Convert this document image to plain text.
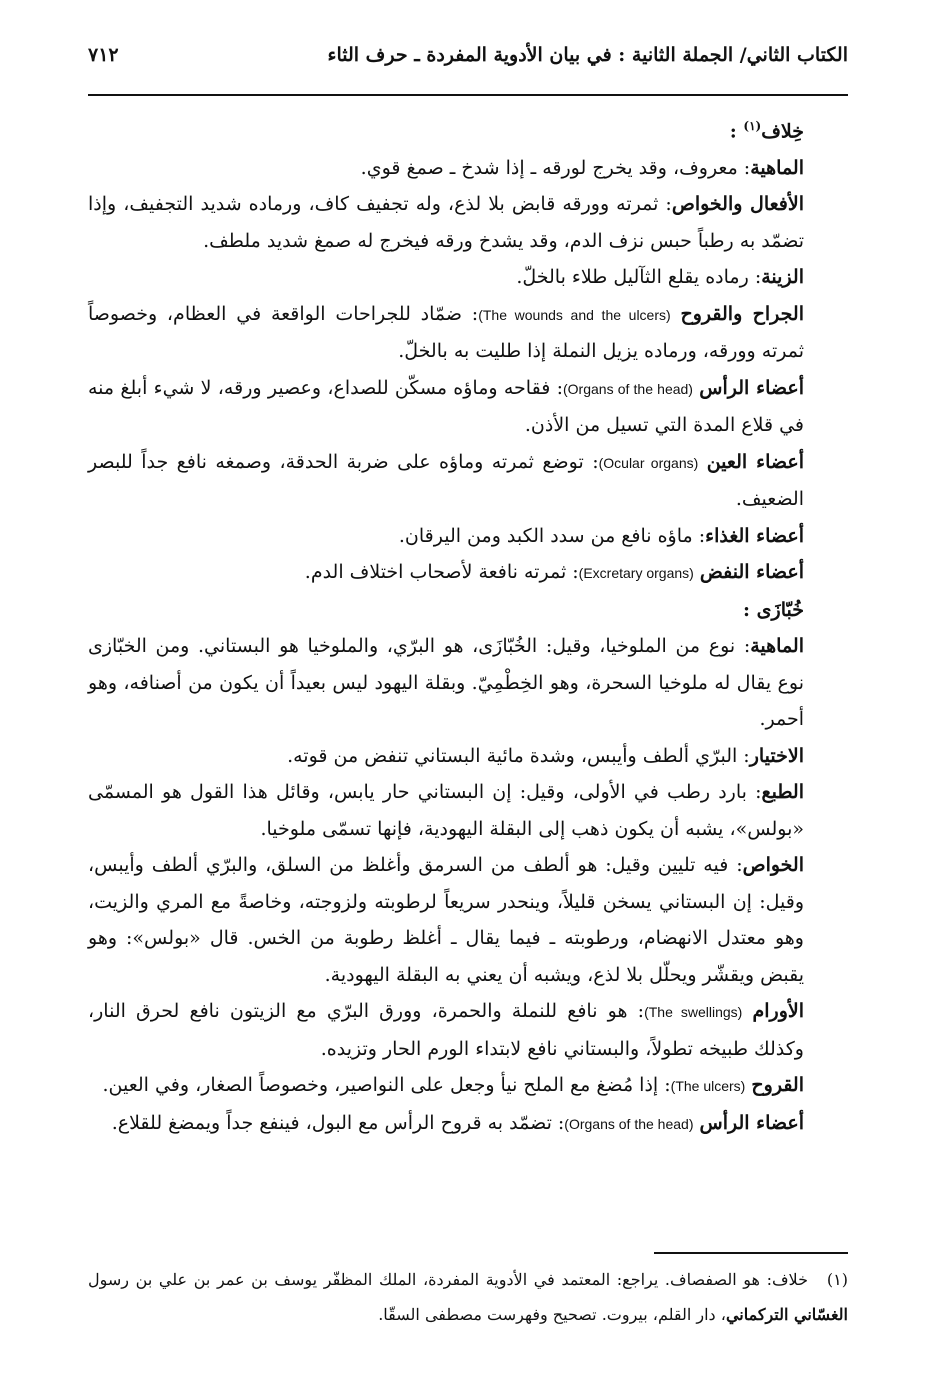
الكتاب الثاني/ الجملة الثانية : في بيان الأدوية المفردة ـ حرف الثاء
٧١٢

خِلاف$^{(١)}$ :

الماهية: معروف، وقد يخرج لورقه ـ إذا شدخ ـ صمغ قوي.

الأفعال والخواص: ثمرته وورقه قابض بلا لذع، وله تجفيف كاف، ورماده شديد التجفيف، وإذا تضمّد به رطباً حبس نزف الدم، وقد يشدخ ورقه فيخرج له صمغ شديد ملطف.

الزينة: رماده يقلع الثآليل طلاء بالخلّ.

الجراح والقروح (The wounds and the ulcers): ضمّاد للجراحات الواقعة في العظام، وخصوصاً ثمرته وورقه، ورماده يزيل النملة إذا طليت به بالخلّ.

أعضاء الرأس (Organs of the head): فقاحه وماؤه مسكّن للصداع، وعصير ورقه، لا شيء أبلغ منه في قلاع المدة التي تسيل من الأذن.

أعضاء العين (Ocular organs): توضع ثمرته وماؤه على ضربة الحدقة، وصمغه نافع جداً للبصر الضعيف.

أعضاء الغذاء: ماؤه نافع من سدد الكبد ومن اليرقان.

أعضاء النفض (Excretary organs): ثمرته نافعة لأصحاب اختلاف الدم.

خُبّازَى :

الماهية: نوع من الملوخيا، وقيل: الخُبّازَى، هو البرّي، والملوخيا هو البستاني. ومن الخبّازى نوع يقال له ملوخيا السحرة، وهو الخِطْمِيّ. وبقلة اليهود ليس بعيداً أن يكون من أصنافه، وهو أحمر.

الاختيار: البرّي ألطف وأيبس، وشدة مائية البستاني تنفض من قوته.

الطبع: بارد رطب في الأولى، وقيل: إن البستاني حار يابس، وقائل هذا القول هو المسمّى «بولس»، يشبه أن يكون ذهب إلى البقلة اليهودية، فإنها تسمّى ملوخيا.

الخواص: فيه تليين وقيل: هو ألطف من السرمق وأغلظ من السلق، والبرّي ألطف وأيبس، وقيل: إن البستاني يسخن قليلاً، وينحدر سريعاً لرطوبته ولزوجته، وخاصةً مع المري والزيت، وهو معتدل الانهضام، ورطوبته ـ فيما يقال ـ أغلظ رطوبة من الخس. قال «بولس»: وهو يقبض ويقشّر ويحلّل بلا لذع، ويشبه أن يعني به البقلة اليهودية.

الأورام (The swellings): هو نافع للنملة والحمرة، وورق البرّي مع الزيتون نافع لحرق النار، وكذلك طبيخه تطولاً، والبستاني نافع لابتداء الورم الحار وتزيده.

القروح (The ulcers): إذا مُضغ مع الملح نيأ وجعل على النواصير، وخصوصاً الصغار، وفي العين.

أعضاء الرأس (Organs of the head): تضمّد به قروح الرأس مع البول، فينفع جداً ويمضغ للقلاع.

(١)خلاف: هو الصفصاف. يراجع: المعتمد في الأدوية المفردة، الملك المظفّر يوسف بن عمر بن علي بن رسول الغسّاني التركماني، دار القلم، بيروت. تصحيح وفهرست مصطفى السقّا.
